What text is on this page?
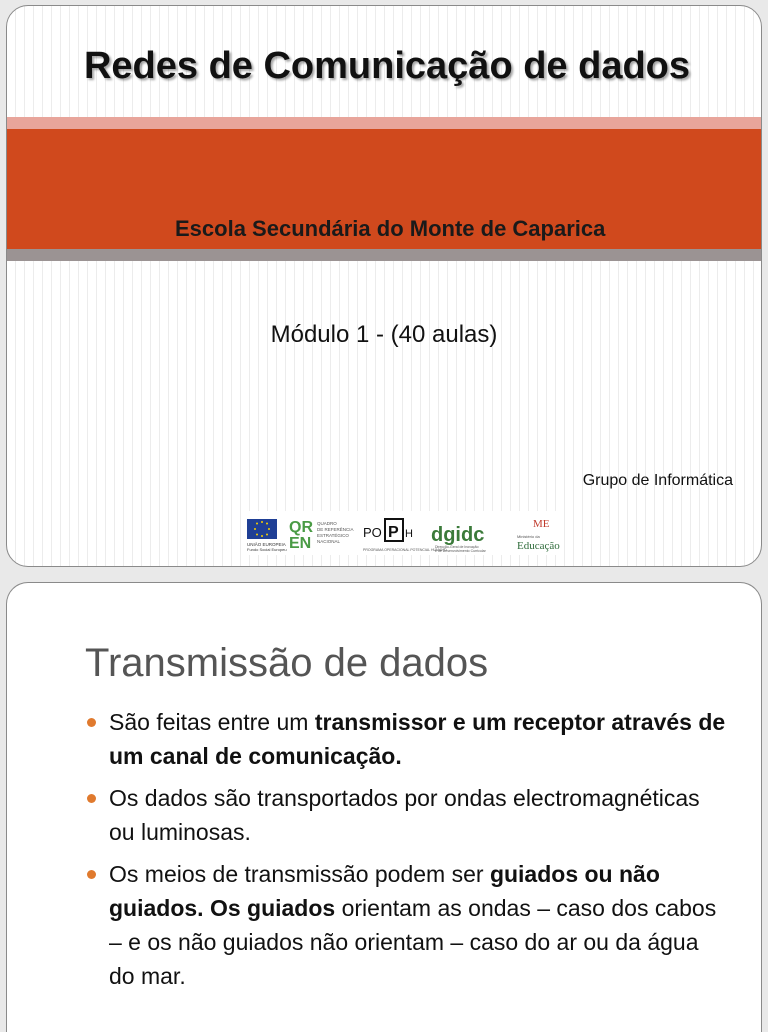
Redes de Comunicação de dados
Escola Secundária do Monte de Caparica
Módulo 1 - (40 aulas)
Grupo de Informática
UNIÃO EUROPEIA
Fundo Social Europeu
QR
EN
QUADRO
DE REFERÊNCIA
ESTRATÉGICO
NACIONAL
PO P H
PROGRAMA OPERACIONAL POTENCIAL HUMANO
dgidc
Direcção-Geral de Inovação
e de Desenvolvimento Curricular
ME
Ministério da
Educação
Transmissão de dados
São feitas entre um transmissor e um receptor através de um canal de comunicação.
Os dados são transportados por ondas electromagnéticas ou luminosas.
Os meios de transmissão podem ser guiados ou não guiados. Os guiados orientam as ondas – caso dos cabos – e os não guiados não orientam – caso do ar ou da água do mar.
